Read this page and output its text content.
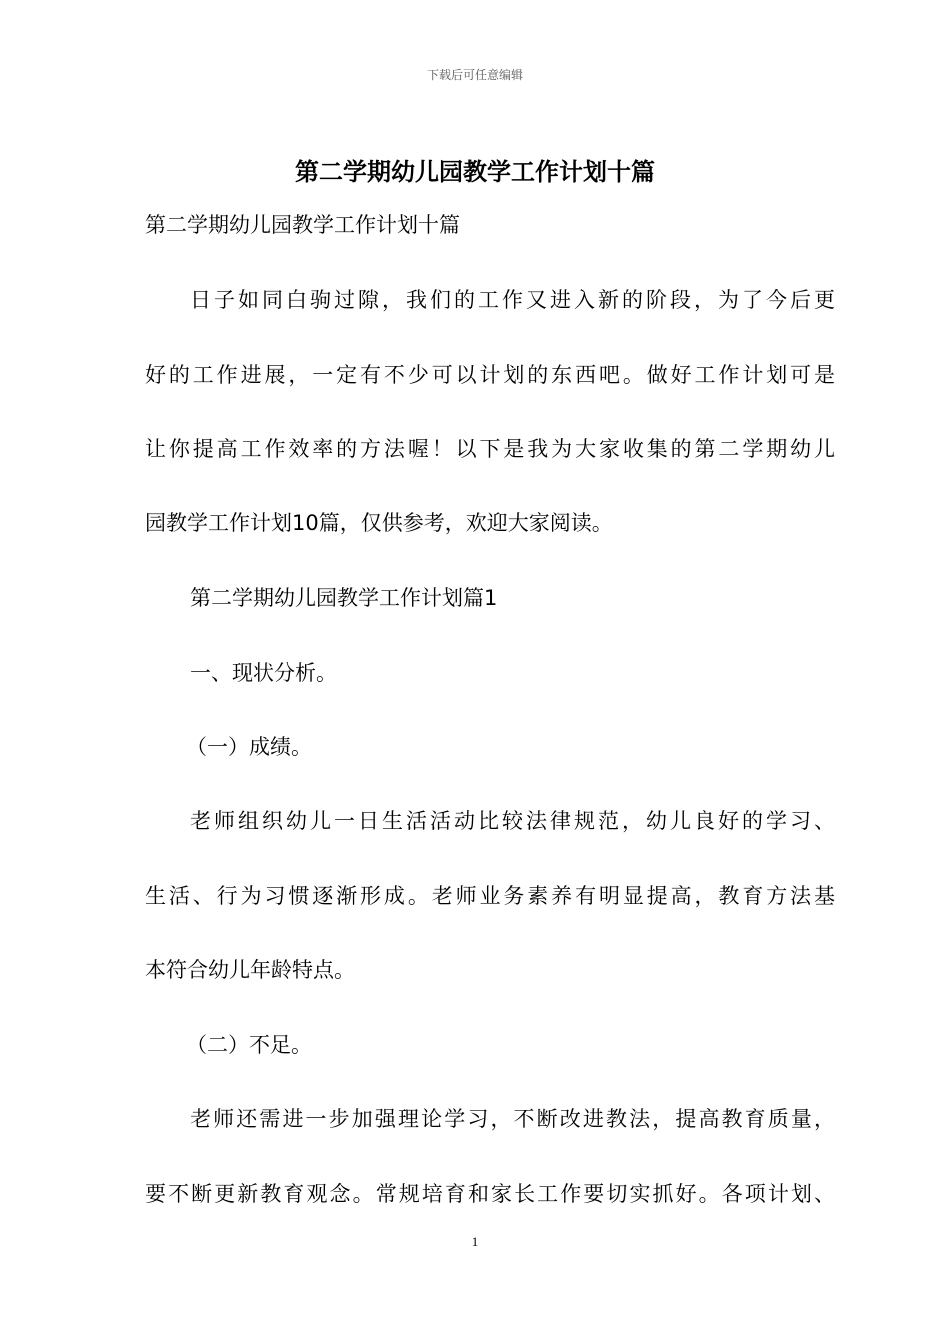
下载后可任意编辑
第二学期幼儿园教学工作计划十篇
第二学期幼儿园教学工作计划十篇
日子如同白驹过隙，我们的工作又进入新的阶段，为了今后更
好的工作进展，一定有不少可以计划的东西吧。做好工作计划可是
让你提高工作效率的方法喔！以下是我为大家收集的第二学期幼儿
园教学工作计划10篇，仅供参考，欢迎大家阅读。
第二学期幼儿园教学工作计划篇1
一、现状分析。
（一）成绩。
老师组织幼儿一日生活活动比较法律规范，幼儿良好的学习、
生活、行为习惯逐渐形成。老师业务素养有明显提高，教育方法基
本符合幼儿年龄特点。
（二）不足。
老师还需进一步加强理论学习，不断改进教法，提高教育质量，
要不断更新教育观念。常规培育和家长工作要切实抓好。各项计划、
1
